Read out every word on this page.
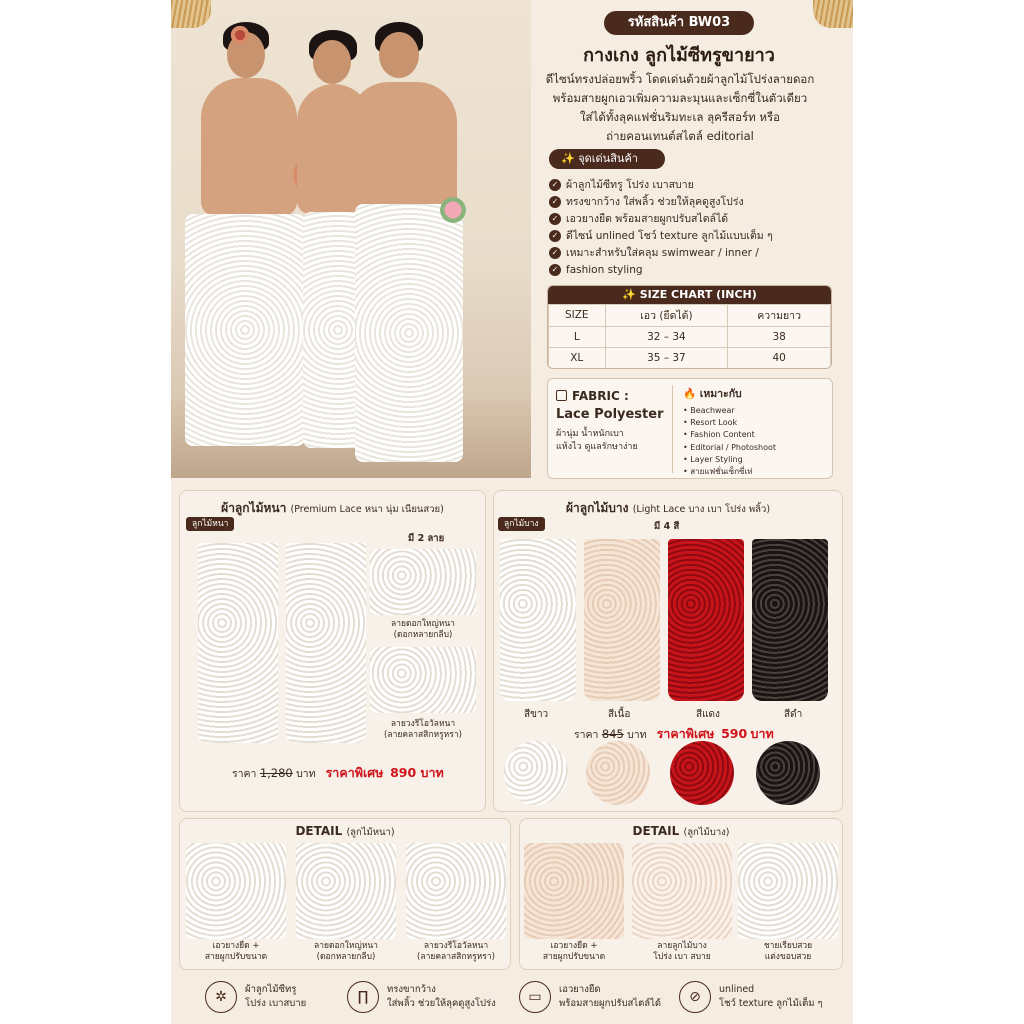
รหัสสินค้า BW03
กางเกง ลูกไม้ซีทรูขายาว
ดีไซน์ทรงปล่อยพริ้ว โดดเด่นด้วยผ้าลูกไม้โปร่งลายดอก
พร้อมสายผูกเอวเพิ่มความละมุนและเซ็กซี่ในตัวเดียว
ใส่ได้ทั้งลุคแฟชั่นริมทะเล ลุครีสอร์ท หรือ
ถ่ายคอนเทนต์สไตล์ editorial
✨ จุดเด่นสินค้า
✓ ผ้าลูกไม้ซีทรู โปร่ง เบาสบาย
✓ ทรงขากว้าง ใส่พลิ้ว ช่วยให้ลุคดูสูงโปร่ง
✓ เอวยางยืด พร้อมสายผูกปรับสไตล์ได้
✓ ดีไซน์ unlined โชว์ texture ลูกไม้แบบเต็ม ๆ
✓ เหมาะสำหรับใส่คลุม swimwear / inner /
✓ fashion styling
✨ SIZE CHART (INCH)
SIZE	เอว (ยืดได้)	ความยาว
L	32 – 34	38
XL	35 – 37	40
FABRIC :
Lace Polyester
ผ้านุ่ม น้ำหนักเบา
แห้งไว ดูแลรักษาง่าย
🔥 เหมาะกับ
• Beachwear
• Resort Look
• Fashion Content
• Editorial / Photoshoot
• Layer Styling
• สายแฟชั่นเซ็กซี่เท่
ผ้าลูกไม้หนา (Premium Lace หนา นุ่ม เนียนสวย)
ลูกไม้หนา
มี 2 ลาย
ลายดอกใหญ่หนา
(ดอกหลายกลีบ)
ลายวงรีโอวัลหนา
(ลายคลาสสิกหรูหรา)
ราคา 1,280 บาท ราคาพิเศษ 890 บาท
ผ้าลูกไม้บาง (Light Lace บาง เบา โปร่ง พลิ้ว)
ลูกไม้บาง	มี 4 สี
สีขาว	สีเนื้อ	สีแดง	สีดำ
ราคา 845 บาท ราคาพิเศษ 590 บาท
DETAIL (ลูกไม้หนา)
เอวยางยืด +
สายผูกปรับขนาด
ลายดอกใหญ่หนา
(ดอกหลายกลีบ)
ลายวงรีโอวัลหนา
(ลายคลาสสิกหรูหรา)
DETAIL (ลูกไม้บาง)
เอวยางยืด +
สายผูกปรับขนาด
ลายลูกไม้บาง
โปร่ง เบา สบาย
ชายเรียบสวย
แต่งขอบสวย
✲	ผ้าลูกไม้ซีทรู
โปร่ง เบาสบาย	∏	ทรงขากว้าง
ใส่พลิ้ว ช่วยให้ลุคดูสูงโปร่ง	▭	เอวยางยืด
พร้อมสายผูกปรับสไตล์ได้	⊘	unlined
โชว์ texture ลูกไม้เต็ม ๆ
